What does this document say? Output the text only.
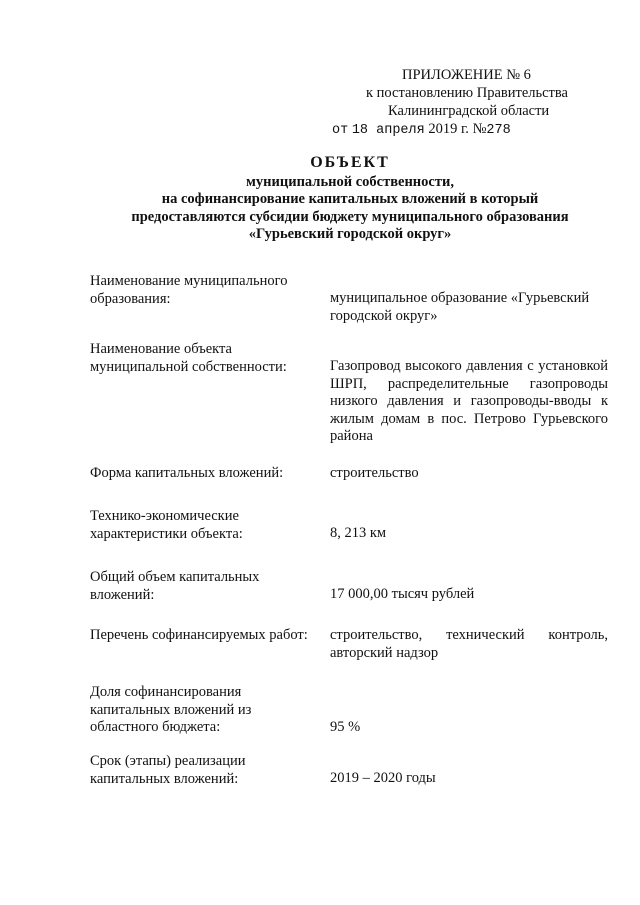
ПРИЛОЖЕНИЕ № 6
к постановлению Правительства
Калининградской области
от 18 апреля 2019 г. №278
ОБЪЕКТ
муниципальной собственности,
на софинансирование капитальных вложений в который
предоставляются субсидии бюджету муниципального образования
«Гурьевский городской округ»
Наименование муниципального
образования:	муниципальное образование «Гурьевский
городской округ»
Наименование объекта
муниципальной собственности:	Газопровод высокого давления с установкой ШРП, распределительные газопроводы низкого давления и газопроводы-вводы к жилым домам в пос. Петрово Гурьевского района
Форма капитальных вложений:	строительство
Технико-экономические
характеристики объекта:	8, 213 км
Общий объем капитальных
вложений:	17 000,00 тысяч рублей
Перечень софинансируемых работ:	строительство, технический контроль, авторский надзор
Доля софинансирования
капитальных вложений из
областного бюджета:	95 %
Срок (этапы) реализации
капитальных вложений:	2019 – 2020 годы
